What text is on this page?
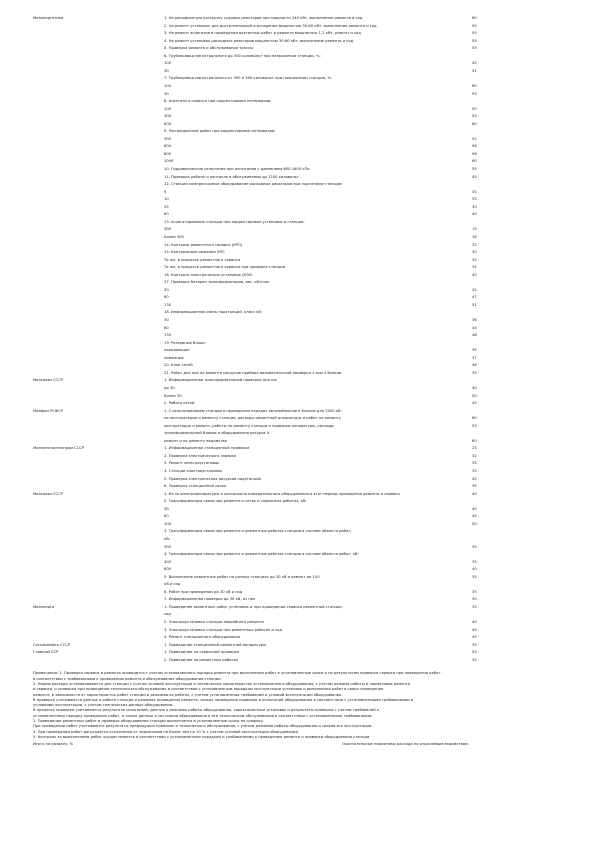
Минэнергетики	1. На расширенную разгрузку судовых реакторов при мощности 240 кВт, выполнение ремонта и сод	60
2. На ремонт установок для дистилляторной и испарения мощностью 30-60 кВт, выполнение ремонта и сод	55
3. На ремонт агрегатов в проведении вахтенных работ и ремонта мощностью 1-2 кВт, ремонт и сод	55
4. На ремонт установок расходных реакторов мощностью 30-60 кВт, выполнение ремонта и сод	55
5. Проверка ремонта и обслуживания трассы	55
6. Трубопровод магистрального до 300 киловольт при напряжении станции, %:
100	45
30	51
7. Трубопровод магистрального от 300 и 500 киловольт при напряжении станции, %:
100	60
30	55
8. Агрегаты в сервисе при корректировке интервалов:
100	50
300	55
600	60
9. Распределение работ при корректировке интервалов:
300	52
600	56
800	58
1000	60
10. Гидравлические испытания при испытании с давлением 600-1600 кПа	55
11. Проверка работы и контроль в обслуживании до 1200 киловольт	45
12. Станции компрессорные оборудование расходных реакторов при подготовке станции:
5	30
10	35
25	30
60	40
13. Агрегатирование станции при корректировке установки и станции:
300	15
Более 300	16
14. Контроль ремонтного сервиса (КРО)	32
15. Контрольные решения (КР)	30
То же, в процессе ремонтного сервиса	35
То же, в процессе ремонтного сервиса при проверке станции	34
16. Контроль электрических установок (КЭУ)	40
17. Проверка батареи трансформаторов, вес. кВт/час:
30	42
60	47
130	51
18. Информационная связь подстанций, класс кВ:
30	36
60	44
130	48
19. Резервные блоки:
передающие	35
приемные	37
20. Блок сетей	48
21. Работ для при их ремонте ресурсов прибора автоматической проверки 4 или 4 блоков	35
Минсвязи СССР	1. Информационная трансформаторной проверки при км:
до 30	40
Более 30	50
2. Работа сетей	45
Минфин РСФСР	1. С использованием станции в проведении передач автомобильного блоком для 2000 кВ:
по эксплуатации и ремонту станции, расходы ремонтной аппаратуры и работ по ремонту	60
эксплуатация и ремонт, работы по ремонту станции и проверки аппаратуры, расходы	55
трансформаторной блоков и оборудования ресурса А
ремонт и по ремонту ведомства	60
Минэлектротехпром СССР	1. Информационная станционной проверки	25
2. Проверка электрического сервиса	32
3. Ремонт электроустановок	35
4. Станции электроустановок	35
5. Проверка электрических ресурсов подстанций	45
6. Проверка станционной связи	35
Минсвязи СССР	1. Из-за электроаппаратуры и контрольно-измерительного оборудования в этот период проведения ремонта и сервиса	40
2. Трансформаторы связи при ремонте и сетях и сервисных работах, кВ:
30	40
60	45
100	50
3. Трансформаторы связи при ремонте и ремонтных работах станции в составе объекта работ,
кВ:
300	35
4. Трансформаторы связи при ремонте и ремонтных работах станции в составе объекта работ, кВ:
400	35
600	40
5. Выполнение ремонтных работ на разных станциях до 30 кВ и ремонт до 100	35
кВ и сод
6. Работ при проведении до 30 кВ и сод	35
7. Информационная проверка до 30 кВ, из них	30
Минэнерго	1. Проведение ремонтных работ установок и при проведении сервиса ремонтной станции	35
сод
2. Электроустановки станции аварийного ремонта	40
3. Электроустановки станции при ремонтных работах и сод	45
4. Ремонт станционного оборудования	45
Госкомнефть СССР	1. Проведение станционной ремонтной аппаратуры	35
Главный ССР	1. Проведение на сервисной проверке	55
2. Проведение на ремонтных работах	35
Примечания: 1. Проверка сервиса и ремонта проводится с учетом установленного порядка ремонта при выполнении работ в установленные сроки и по результатам проверки сервиса при проведении работ -
в соответствии с требованиями к проведению ремонта и обслуживания оборудования станции.
2. Нормы расхода устанавливаются для станции с учетом условий эксплуатации и технических характеристик установленного оборудования, с учетом режима работы и нормативов ремонта
и сервиса, и проверки при проведении технического обслуживания в соответствии с установленным порядком эксплуатации установок и выполнения работ в сроки проведения
ремонта, в зависимости от характеристик работ станции и режимов ее работы, с учетом установленных требований и условий эксплуатации оборудования.
В проверке учитываются данные о работе станции и режимах проведения ремонта, сроках проведения проверки и испытаний оборудования в соответствии с установленными требованиями и
условиями эксплуатации, с учетом технических данных оборудования.
В процессе проверки учитываются результаты испытаний, данные о режимах работы оборудования, характеристики установок и результаты проверки с учетом требований к
установленному порядку проведения работ, а также данные о состоянии оборудования и его техническом обслуживании в соответствии с установленными требованиями.
3. Проведение ремонтных работ и проверок оборудования станции выполняется в установленные сроки по графику.
При проведении работ учитываются результаты предыдущих проверок и технического обслуживания, с учетом режимов работы оборудования и сроков его эксплуатации.
4. При проведении работ допускается отклонение от нормативов не более чем на 10 % с учетом условий эксплуатации оборудования.
5. Контроль за выполнением работ осуществляется в соответствии с установленным порядком и требованиями к проведению ремонта и проверки оборудования станции.
Итого по разделу, %	Окончательные нормативы расхода по отраслевым ведомствам
